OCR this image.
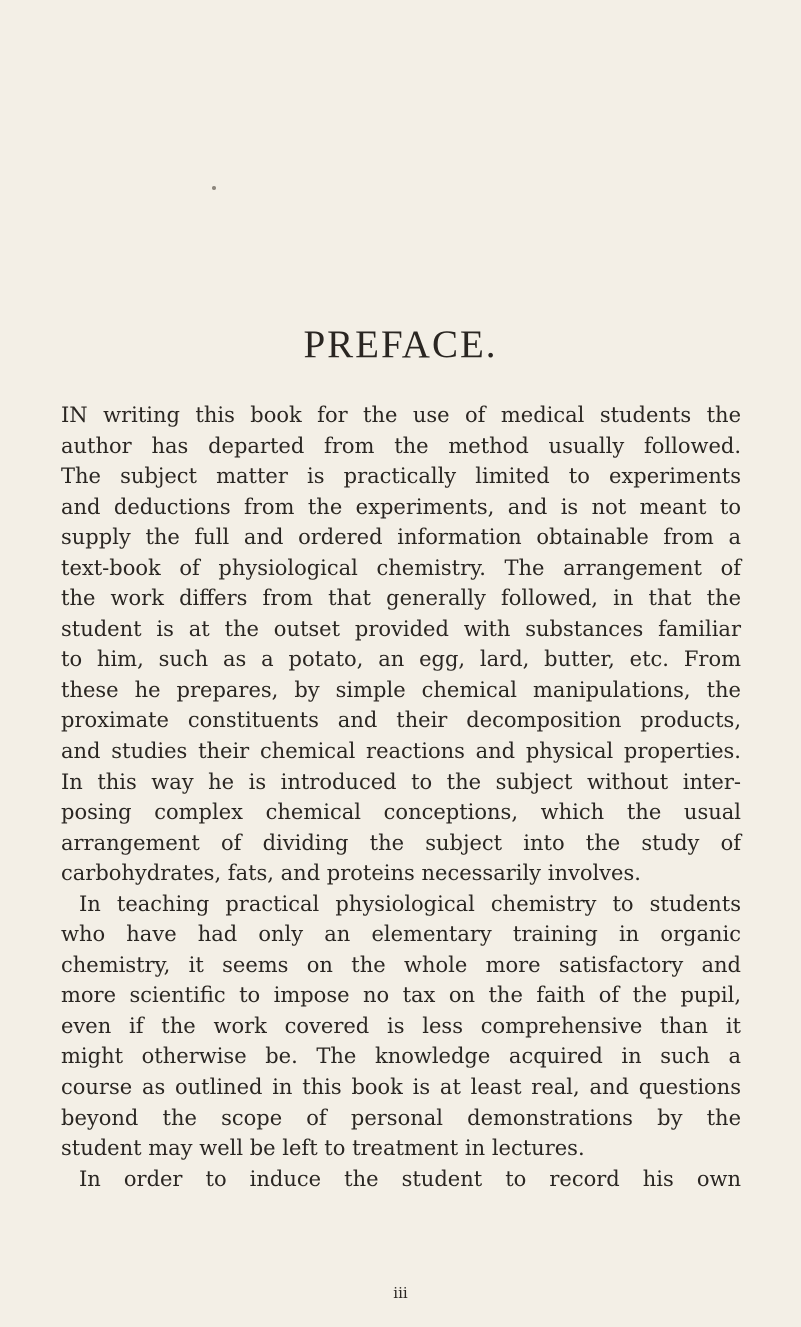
PREFACE.
IN writing this book for the use of medical students the
author has departed from the method usually followed.
The subject matter is practically limited to experiments
and deductions from the experiments, and is not meant to
supply the full and ordered information obtainable from a
text-book of physiological chemistry. The arrangement of
the work differs from that generally followed, in that the
student is at the outset provided with substances familiar
to him, such as a potato, an egg, lard, butter, etc. From
these he prepares, by simple chemical manipulations, the
proximate constituents and their decomposition products,
and studies their chemical reactions and physical properties.
In this way he is introduced to the subject without inter-
posing complex chemical conceptions, which the usual
arrangement of dividing the subject into the study of
carbohydrates, fats, and proteins necessarily involves.
In teaching practical physiological chemistry to students
who have had only an elementary training in organic
chemistry, it seems on the whole more satisfactory and
more scientific to impose no tax on the faith of the pupil,
even if the work covered is less comprehensive than it
might otherwise be. The knowledge acquired in such a
course as outlined in this book is at least real, and questions
beyond the scope of personal demonstrations by the
student may well be left to treatment in lectures.
In order to induce the student to record his own
iii
